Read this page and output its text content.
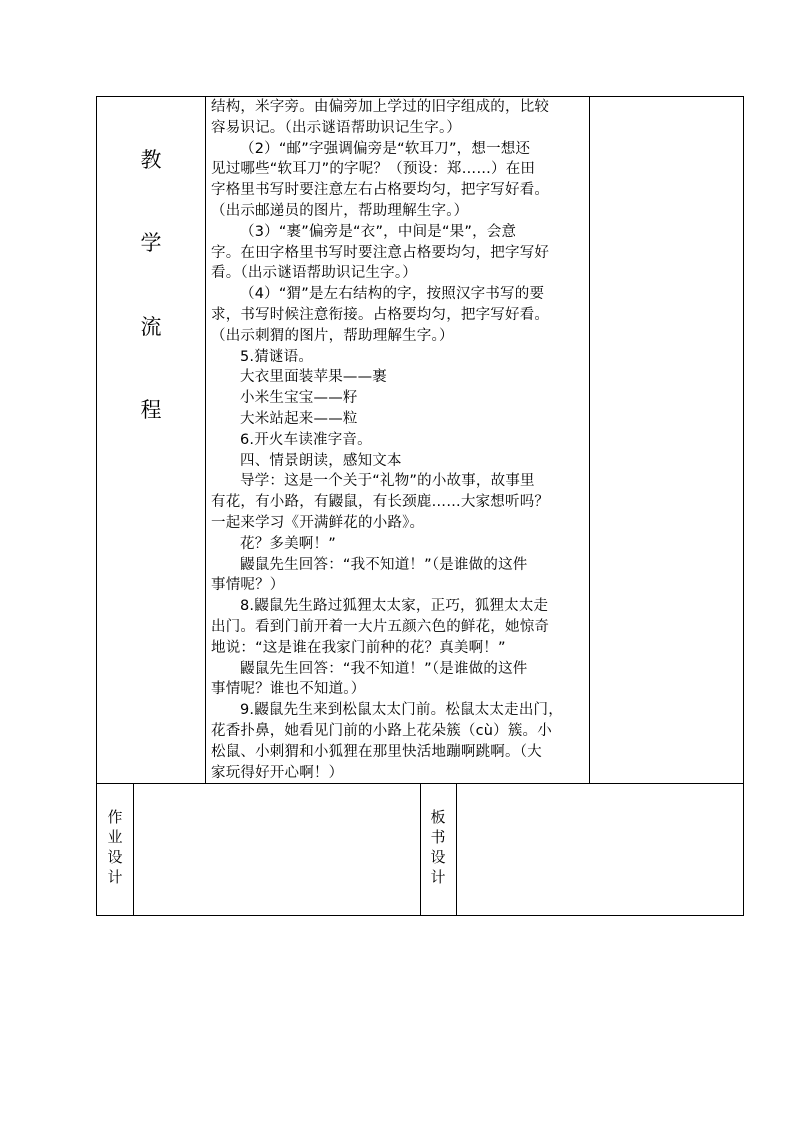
教
学
流
程
结构，米字旁。由偏旁加上学过的旧字组成的，比较
容易识记。（出示谜语帮助识记生字。）
（2）“邮”字强调偏旁是“软耳刀”，想一想还
见过哪些“软耳刀”的字呢？（预设：郑……）在田
字格里书写时要注意左右占格要均匀，把字写好看。
（出示邮递员的图片，帮助理解生字。）
（3）“裹”偏旁是“衣”，中间是“果”，会意
字。在田字格里书写时要注意占格要均匀，把字写好
看。（出示谜语帮助识记生字。）
（4）“猬”是左右结构的字，按照汉字书写的要
求，书写时候注意衔接。占格要均匀，把字写好看。
（出示刺猬的图片，帮助理解生字。）
5.猜谜语。
大衣里面装苹果——裹
小米生宝宝——籽
大米站起来——粒
6.开火车读准字音。
四、情景朗读，感知文本
导学：这是一个关于“礼物”的小故事，故事里
有花，有小路，有鼹鼠，有长颈鹿……大家想听吗？
一起来学习《开满鲜花的小路》。
花？多美啊！”
鼹鼠先生回答：“我不知道！”（是谁做的这件
事情呢？）
8.鼹鼠先生路过狐狸太太家，正巧，狐狸太太走
出门。看到门前开着一大片五颜六色的鲜花，她惊奇
地说：“这是谁在我家门前种的花？真美啊！”
鼹鼠先生回答：“我不知道！”（是谁做的这件
事情呢？谁也不知道。）
9.鼹鼠先生来到松鼠太太门前。松鼠太太走出门，
花香扑鼻，她看见门前的小路上花朵簇（cù）簇。小
松鼠、小刺猬和小狐狸在那里快活地蹦啊跳啊。（大
家玩得好开心啊！）
作
业
设
计
板
书
设
计
